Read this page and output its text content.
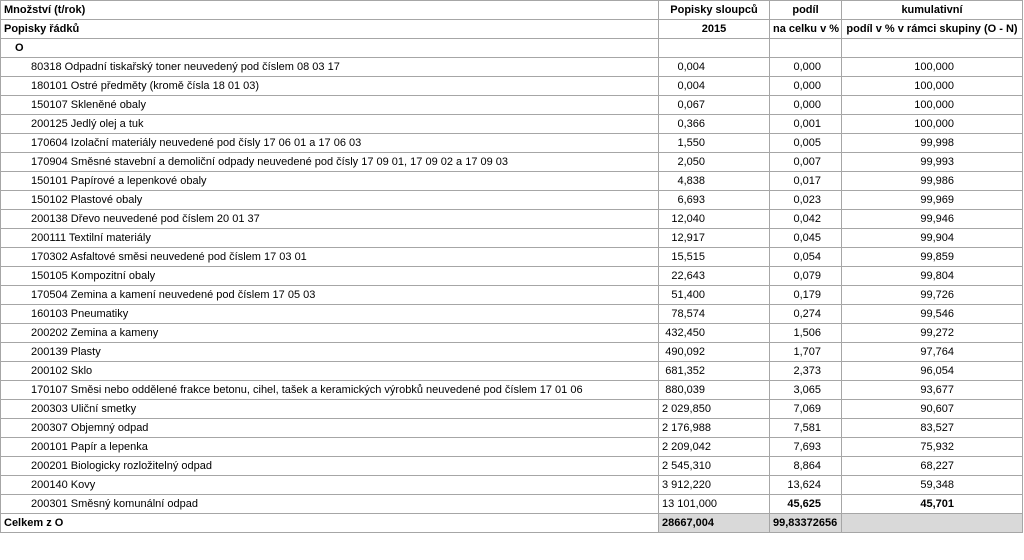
Množství (t/rok)	Popisky sloupců	podíl	kumulativní
Popisky řádků	2015	na celku v %	podíl v % v rámci skupiny (O - N)
O			
80318 Odpadní tiskařský toner neuvedený pod číslem 08 03 17	0,004	0,000	100,000
180101 Ostré předměty (kromě čísla 18 01 03)	0,004	0,000	100,000
150107 Skleněné obaly	0,067	0,000	100,000
200125 Jedlý olej a tuk	0,366	0,001	100,000
170604 Izolační materiály neuvedené pod čísly 17 06 01 a 17 06 03	1,550	0,005	99,998
170904 Směsné stavební a demoliční odpady neuvedené pod čísly 17 09 01, 17 09 02 a 17 09 03	2,050	0,007	99,993
150101 Papírové a lepenkové obaly	4,838	0,017	99,986
150102 Plastové obaly	6,693	0,023	99,969
200138 Dřevo neuvedené pod číslem 20 01 37	12,040	0,042	99,946
200111 Textilní materiály	12,917	0,045	99,904
170302 Asfaltové směsi neuvedené pod číslem 17 03 01	15,515	0,054	99,859
150105 Kompozitní obaly	22,643	0,079	99,804
170504 Zemina a kamení neuvedené pod číslem 17 05 03	51,400	0,179	99,726
160103 Pneumatiky	78,574	0,274	99,546
200202 Zemina a kameny	432,450	1,506	99,272
200139 Plasty	490,092	1,707	97,764
200102 Sklo	681,352	2,373	96,054
170107 Směsi nebo oddělené frakce betonu, cihel, tašek a keramických výrobků neuvedené pod číslem 17 01 06	880,039	3,065	93,677
200303 Uliční smetky	2 029,850	7,069	90,607
200307 Objemný odpad	2 176,988	7,581	83,527
200101 Papír a lepenka	2 209,042	7,693	75,932
200201 Biologicky rozložitelný odpad	2 545,310	8,864	68,227
200140 Kovy	3 912,220	13,624	59,348
200301 Směsný komunální odpad	13 101,000	45,625	45,701
Celkem z O	28667,004	99,83372656	
